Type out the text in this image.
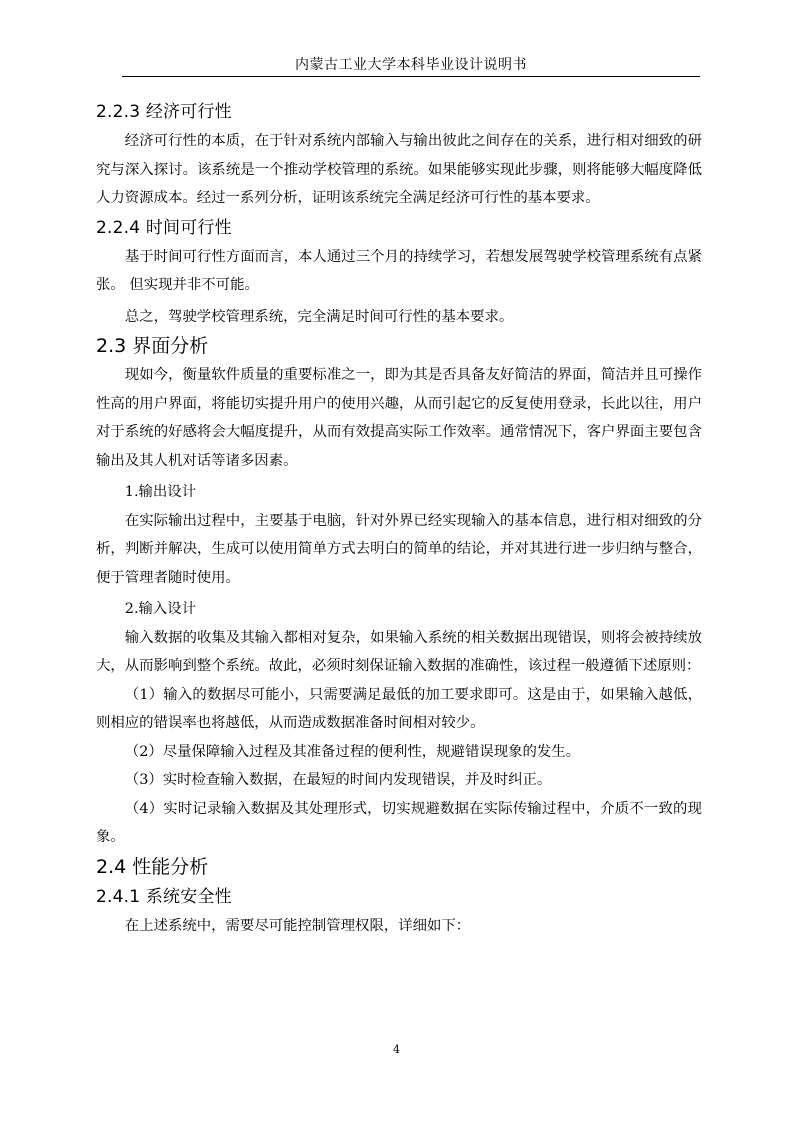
内蒙古工业大学本科毕业设计说明书
2.2.3 经济可行性

经济可行性的本质，在于针对系统内部输入与输出彼此之间存在的关系，进行相对细致的研究与深入探讨。该系统是一个推动学校管理的系统。如果能够实现此步骤，则将能够大幅度降低人力资源成本。经过一系列分析，证明该系统完全满足经济可行性的基本要求。

2.2.4 时间可行性

基于时间可行性方面而言，本人通过三个月的持续学习，若想发展驾驶学校管理系统有点紧张。 但实现并非不可能。

总之，驾驶学校管理系统，完全满足时间可行性的基本要求。

2.3 界面分析

现如今，衡量软件质量的重要标准之一，即为其是否具备友好简洁的界面，简洁并且可操作性高的用户界面，将能切实提升用户的使用兴趣，从而引起它的反复使用登录，长此以往，用户对于系统的好感将会大幅度提升，从而有效提高实际工作效率。通常情况下，客户界面主要包含输出及其人机对话等诸多因素。

1.输出设计

在实际输出过程中，主要基于电脑，针对外界已经实现输入的基本信息，进行相对细致的分析，判断并解决，生成可以使用简单方式去明白的简单的结论，并对其进行进一步归纳与整合，便于管理者随时使用。

2.输入设计

输入数据的收集及其输入都相对复杂，如果输入系统的相关数据出现错误，则将会被持续放大，从而影响到整个系统。故此，必须时刻保证输入数据的准确性，该过程一般遵循下述原则：

（1）输入的数据尽可能小，只需要满足最低的加工要求即可。这是由于，如果输入越低，则相应的错误率也将越低，从而造成数据准备时间相对较少。

（2）尽量保障输入过程及其准备过程的便利性，规避错误现象的发生。

（3）实时检查输入数据，在最短的时间内发现错误，并及时纠正。

（4）实时记录输入数据及其处理形式，切实规避数据在实际传输过程中，介质不一致的现象。

2.4 性能分析
2.4.1 系统安全性

在上述系统中，需要尽可能控制管理权限，详细如下：

4
